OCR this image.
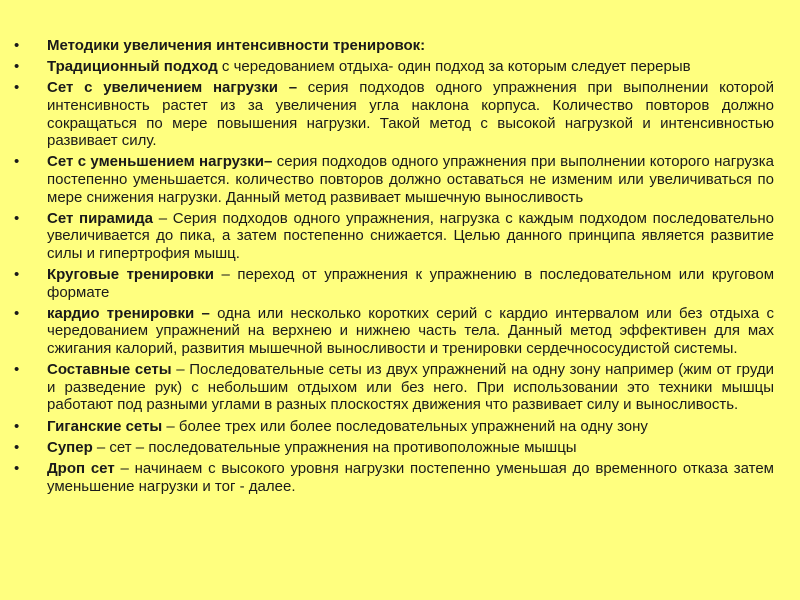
• Методики увеличения интенсивности тренировок:
• Традиционный подход с чередованием отдыха- один подход за которым следует перерыв
• Сет с увеличением нагрузки – серия подходов одного упражнения при выполнении которой интенсивность растет из за увеличения угла наклона корпуса. Количество повторов должно сокращаться по мере повышения нагрузки. Такой метод с высокой нагрузкой и интенсивностью развивает силу.
• Сет с уменьшением нагрузки– серия подходов одного упражнения при выполнении которого нагрузка постепенно уменьшается. количество повторов должно оставаться не изменим или увеличиваться по мере снижения нагрузки. Данный метод развивает мышечную выносливость
• Сет пирамида – Серия подходов одного упражнения, нагрузка с каждым подходом последовательно увеличивается до пика, а затем постепенно снижается. Целью данного принципа является развитие силы и гипертрофия мышц.
• Круговые тренировки – переход от упражнения к упражнению в последовательном или круговом формате
• кардио тренировки – одна или несколько коротких серий с кардио интервалом или без отдыха с чередованием упражнений на верхнею и нижнею часть тела. Данный метод эффективен для мах сжигания калорий, развития мышечной выносливости и тренировки сердечнососудистой системы.
• Составные сеты – Последовательные сеты из двух упражнений на одну зону например (жим от груди и разведение рук) с небольшим отдыхом или без него. При использовании это техники мышцы работают под разными углами в разных плоскостях движения что развивает силу и выносливость.
• Гиганские сеты – более трех или более последовательных упражнений на одну зону
• Супер – сет – последовательные упражнения на противоположные мышцы
• Дроп сет – начинаем с высокого уровня нагрузки постепенно уменьшая до временного отказа затем уменьшение нагрузки и тог - далее.
